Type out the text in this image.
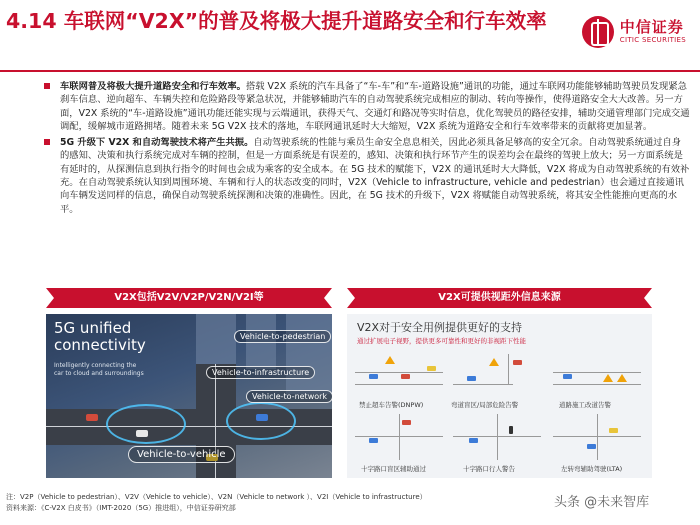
4.14 车联网“V2X”的普及将极大提升道路安全和行车效率	中信证券
CITIC SECURITIES
车联网普及将极大提升道路安全和行车效率。搭载 V2X 系统的汽车具备了“车-车”和“车-道路设施”通讯的功能，通过车联网功能能够辅助驾驶员发现紧急刹车信息、逆向超车、车辆失控和危险路段等紧急状况，并能够辅助汽车的自动驾驶系统完成相应的制动、转向等操作，使得道路安全大大改善。另一方面，V2X 系统的“车-道路设施”通讯功能还能实现与云端通讯，获得天气、交通灯和路况等实时信息，优化驾驶员的路径安排，辅助交通管理部门完成交通调配，缓解城市道路拥堵。随着未来 5G V2X 技术的落地，车联网通讯延时大大缩短，V2X 系统为道路安全和行车效率带来的贡献将更加显著。
5G 升级下 V2X 和自动驾驶技术将产生共振。自动驾驶系统的性能与乘员生命安全息息相关，因此必须具备足够高的安全冗余。自动驾驶系统通过自身的感知、决策和执行系统完成对车辆的控制，但是一方面系统是有误差的，感知、决策和执行环节产生的误差均会在最终的驾驶上放大；另一方面系统是有延时的，从探测信息到执行指令的时间也会成为乘客的安全成本。在 5G 技术的赋能下，V2X 的通讯延时大大降低，V2X 将成为自动驾驶系统的有效补充。在自动驾驶系统认知到周围环境、车辆和行人的状态改变的同时，V2X（Vehicle to infrastructure, vehicle and pedestrian）也会通过直接通讯向车辆发送同样的信息，确保自动驾驶系统探测和决策的准确性。因此，在 5G 技术的升级下，V2X 将赋能自动驾驶系统，将其安全性能推向更高的水平。
V2X包括V2V/V2P/V2N/V2I等
5G unified
connectivity
Intelligently connecting the car to cloud and surroundings
Vehicle-to-pedestrian
Vehicle-to-infrastructure
Vehicle-to-network
Vehicle-to-vehicle
V2X可提供视距外信息来源
V2X对于安全用例提供更好的支持
通过扩展电子视野，提供更多可靠性和更好的非视距下性能
禁止超车告警(DNPW)	弯道盲区/局部危险告警	道路施工改道告警
十字路口盲区辅助通过	十字路口行人警告	左转弯辅助驾驶(LTA)
注：V2P（Vehicle to pedestrian）、V2V（Vehicle to vehicle）、V2N（Vehicle to network ）、V2I（Vehicle to infrastructure）
资料来源：《C-V2X 白皮书》（IMT-2020（5G）推进组），中信证券研究部	头条 @未来智库
